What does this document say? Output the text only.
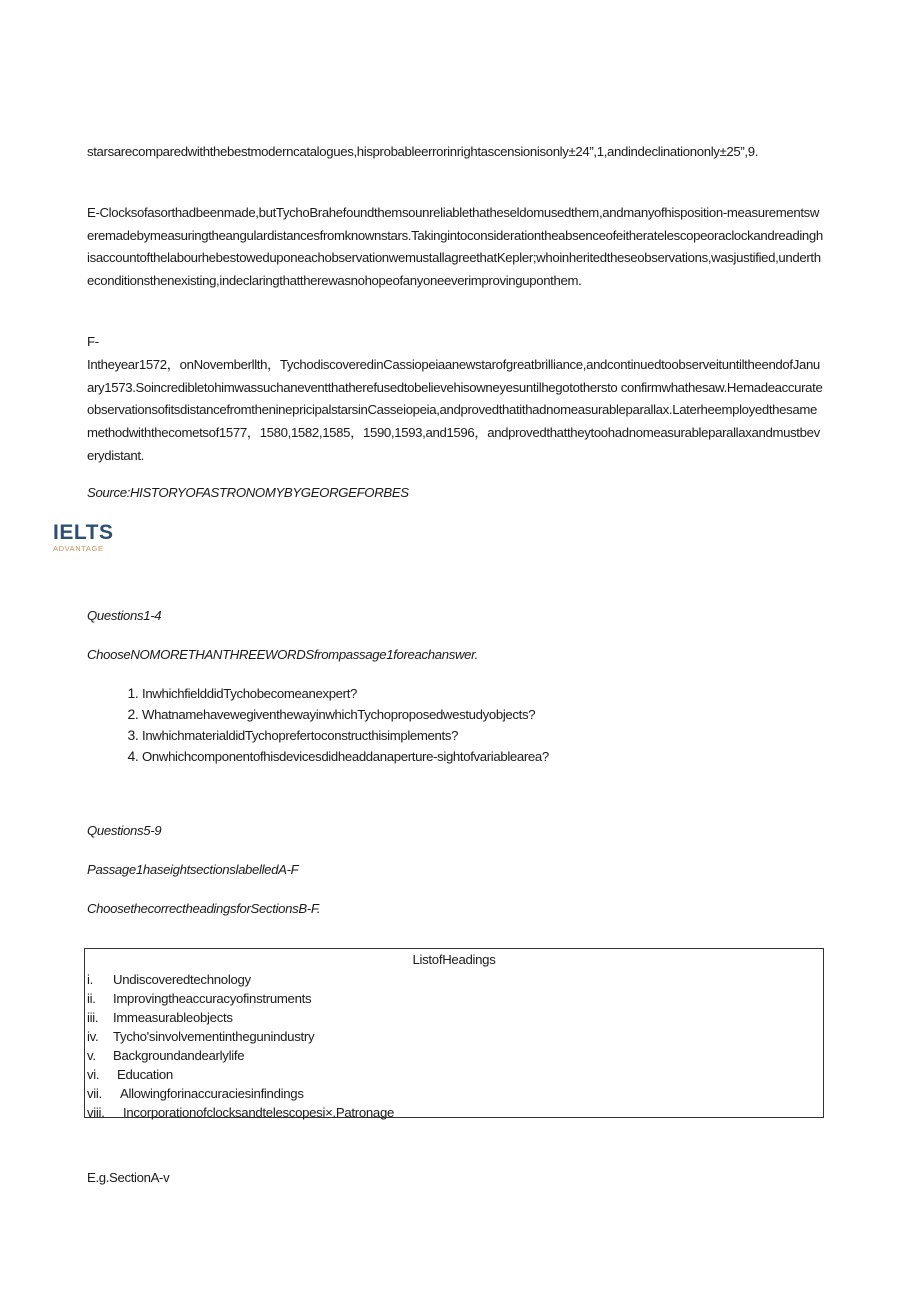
starsarecomparedwiththebestmoderncatalogues,hisprobableerrorinrightascensionisonly±24”,1,andindeclinationonly±25”,9.

E-Clocksofasorthadbeenmade,butTychoBrahefoundthemsounreliablethatheseldomusedthem,andmanyofhisposition-measurementsweremadebymeasuringtheangulardistancesfromknownstars.TakingintoconsiderationtheabsenceofeitheratelescopeoraclockandreadinghisaccountofthelabourhebestoweduponeachobservationwemustallagreethatKepler;whoinheritedtheseobservations,wasjustified,undertheconditionsthenexisting,indeclaringthattherewasnohopeofanyoneeverimprovinguponthem.

F-

Intheyear1572，onNovemberllth，TychodiscoveredinCassiopeiaanewstarofgreatbrilliance,andcontinuedtoobserveituntiltheendofJanuary1573.Soincredibletohimwassuchaneventthatherefusedtobelievehisowneyesuntilhegotothersto confirmwhathesaw.HemadeaccurateobservationsofitsdistancefromtheninepricipalstarsinCasseiopeia,andprovedthatithadnomeasurableparallax.Laterheemployedthesamemethodwiththecometsof1577，1580,1582,1585，1590,1593,and1596，andprovedthattheytoohadnomeasurableparallaxandmustbeverydistant.

Source:HISTORYOFASTRONOMYBYGEORGEFORBES

IELTS
ADVANTAGE

Questions1-4

ChooseNOMORETHANTHREEWORDSfrompassage1foreachanswer.

1. InwhichfielddidTychobecomeanexpert?
2. WhatnamehavewegiventhewayinwhichTychoproposedwestudyobjects?
3. InwhichmaterialdidTychoprefertoconstructhisimplements?
4. Onwhichcomponentofhisdevicesdidheaddanaperture-sightofvariablearea?

Questions5-9

Passage1haseightsectionslabelledA-F

ChoosethecorrectheadingsforSectionsB-F.

ListofHeadings
i. Undiscoveredtechnology
ii. Improvingtheaccuracyofinstruments
iii. Immeasurableobjects
iv. Tycho'sinvolvementinthegunindustry
v. Backgroundandearlylife
vi. Education
vii. Allowingforinaccuraciesinfindings
viii. Incorporationofclocksandtelescopesi×.Patronage

E.g.SectionA-v
